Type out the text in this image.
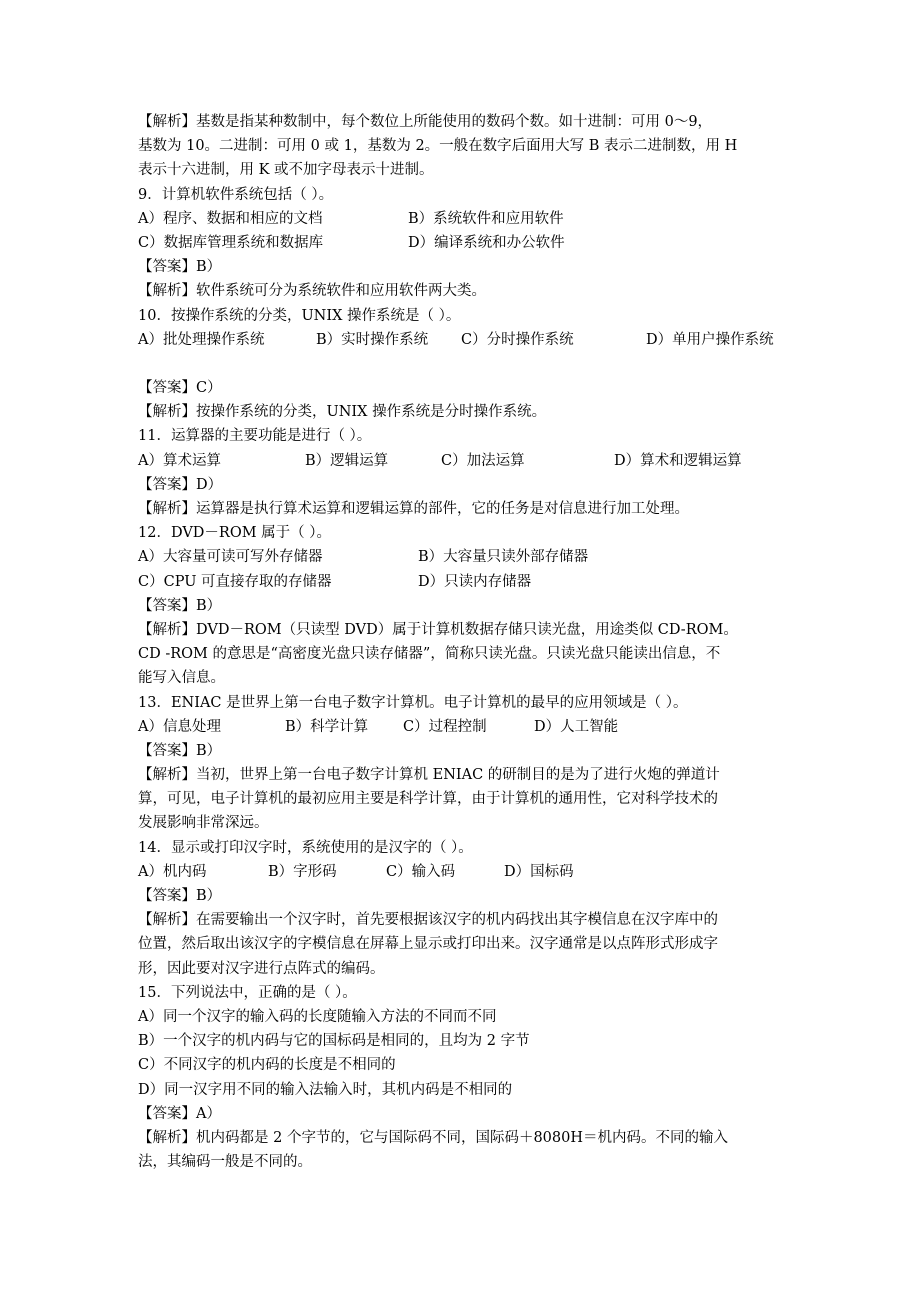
【解析】基数是指某种数制中，每个数位上所能使用的数码个数。如十进制：可用 0～9，
基数为 10。二进制：可用 0 或 1，基数为 2。一般在数字后面用大写 B 表示二进制数，用 H
表示十六进制，用 K 或不加字母表示十进制。
9．计算机软件系统包括（ ）。
A）程序、数据和相应的文档	B）系统软件和应用软件
C）数据库管理系统和数据库	D）编译系统和办公软件
【答案】B）
【解析】软件系统可分为系统软件和应用软件两大类。
10．按操作系统的分类，UNIX 操作系统是（ ）。
A）批处理操作系统	B）实时操作系统	C）分时操作系统	D）单用户操作系统
【答案】C）
【解析】按操作系统的分类，UNIX 操作系统是分时操作系统。
11．运算器的主要功能是进行（ ）。
A）算术运算	B）逻辑运算	C）加法运算	D）算术和逻辑运算
【答案】D）
【解析】运算器是执行算术运算和逻辑运算的部件，它的任务是对信息进行加工处理。
12．DVD－ROM 属于（ ）。
A）大容量可读可写外存储器	B）大容量只读外部存储器
C）CPU 可直接存取的存储器	D）只读内存储器
【答案】B）
【解析】DVD－ROM（只读型 DVD）属于计算机数据存储只读光盘，用途类似 CD-ROM。
CD -ROM 的意思是“高密度光盘只读存储器”，简称只读光盘。只读光盘只能读出信息，不
能写入信息。
13．ENIAC 是世界上第一台电子数字计算机。电子计算机的最早的应用领域是（ ）。
A）信息处理	B）科学计算	C）过程控制	D）人工智能
【答案】B）
【解析】当初，世界上第一台电子数字计算机 ENIAC 的研制目的是为了进行火炮的弹道计
算，可见，电子计算机的最初应用主要是科学计算，由于计算机的通用性，它对科学技术的
发展影响非常深远。
14．显示或打印汉字时，系统使用的是汉字的（ ）。
A）机内码	B）字形码	C）输入码	D）国标码
【答案】B）
【解析】在需要输出一个汉字时，首先要根据该汉字的机内码找出其字模信息在汉字库中的
位置，然后取出该汉字的字模信息在屏幕上显示或打印出来。汉字通常是以点阵形式形成字
形，因此要对汉字进行点阵式的编码。
15．下列说法中，正确的是（ ）。
A）同一个汉字的输入码的长度随输入方法的不同而不同
B）一个汉字的机内码与它的国标码是相同的，且均为 2 字节
C）不同汉字的机内码的长度是不相同的
D）同一汉字用不同的输入法输入时，其机内码是不相同的
【答案】A）
【解析】机内码都是 2 个字节的，它与国际码不同，国际码＋8080H＝机内码。不同的输入
法，其编码一般是不同的。
